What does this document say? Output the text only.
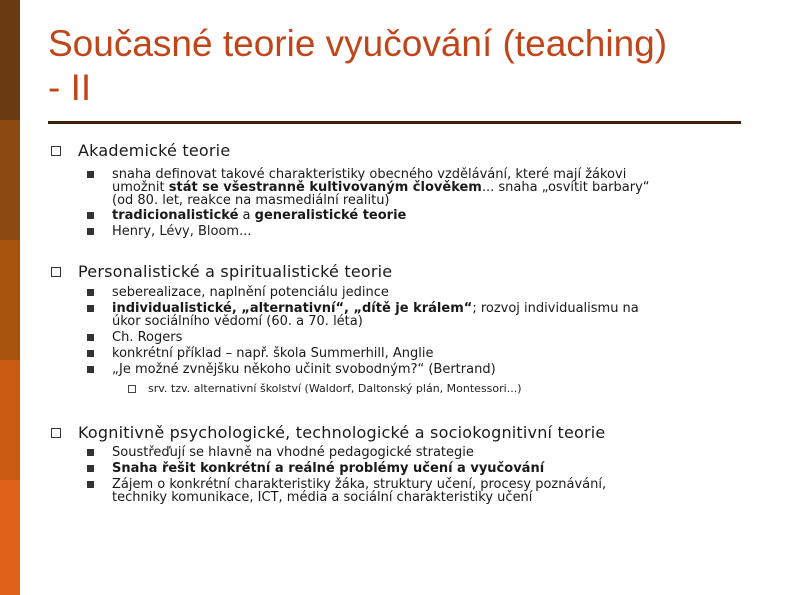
Současné teorie vyučování (teaching)
- II

Akademické teorie

snaha definovat takové charakteristiky obecného vzdělávání, které mají žákovi
umožnit stát se všestranně kultivovaným člověkem... snaha „osvítit barbary“
(od 80. let, reakce na masmediální realitu)
tradicionalistické a generalistické teorie
Henry, Lévy, Bloom...

Personalistické a spiritualistické teorie

seberealizace, naplnění potenciálu jedince
individualistické, „alternativní“, „dítě je králem“; rozvoj individualismu na
úkor sociálního vědomí (60. a 70. léta)
Ch. Rogers
konkrétní příklad – např. škola Summerhill, Anglie
„Je možné zvnějšku někoho učinit svobodným?“ (Bertrand)
srv. tzv. alternativní školství (Waldorf, Daltonský plán, Montessori...)

Kognitivně psychologické, technologické a sociokognitivní teorie

Soustřeďují se hlavně na vhodné pedagogické strategie
Snaha řešit konkrétní a reálné problémy učení a vyučování
Zájem o konkrétní charakteristiky žáka, struktury učení, procesy poznávání,
techniky komunikace, ICT, média a sociální charakteristiky učení
